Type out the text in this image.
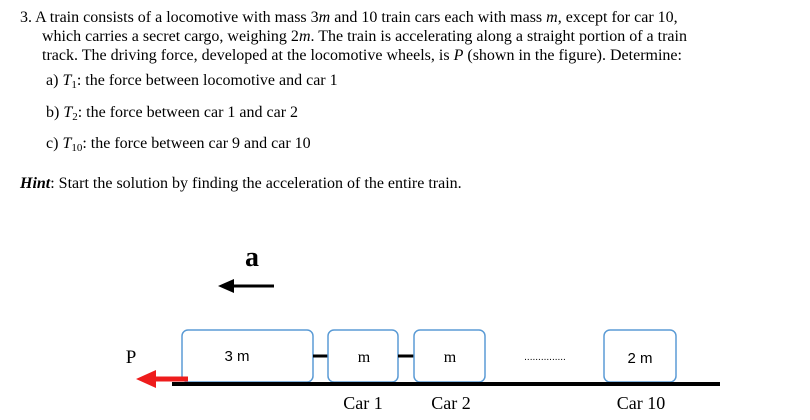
3. A train consists of a locomotive with mass 3m and 10 train cars each with mass m, except for car 10,
which carries a secret cargo, weighing 2m. The train is accelerating along a straight portion of a train
track. The driving force, developed at the locomotive wheels, is P (shown in the figure). Determine:
a) $T_1$: the force between locomotive and car 1
b) $T_2$: the force between car 1 and car 2
c) $T_{10}$: the force between car 9 and car 10
Hint: Start the solution by finding the acceleration of the entire train.
a
P	3 m	m	m	...............	2 m
Car 1	Car 2	Car 10
